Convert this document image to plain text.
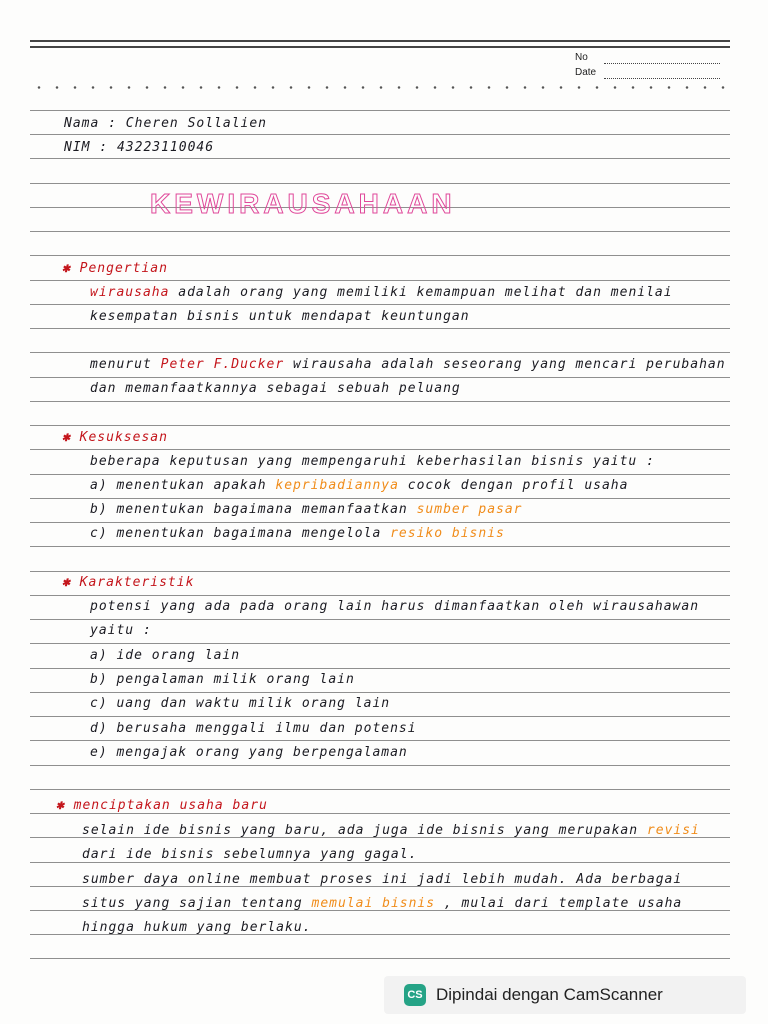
No
Date
Nama : Cheren Sollalien
NIM : 43223110046
KEWIRAUSAHAAN
✱ Pengertian
wirausaha adalah orang yang memiliki kemampuan melihat dan menilai
kesempatan bisnis untuk mendapat keuntungan
menurut Peter F.Ducker wirausaha adalah seseorang yang mencari perubahan
dan memanfaatkannya sebagai sebuah peluang
✱ Kesuksesan
beberapa keputusan yang mempengaruhi keberhasilan bisnis yaitu :
a) menentukan apakah kepribadiannya cocok dengan profil usaha
b) menentukan bagaimana memanfaatkan sumber pasar
c) menentukan bagaimana mengelola resiko bisnis
✱ Karakteristik
potensi yang ada pada orang lain harus dimanfaatkan oleh wirausahawan
yaitu :
a) ide orang lain
b) pengalaman milik orang lain
c) uang dan waktu milik orang lain
d) berusaha menggali ilmu dan potensi
e) mengajak orang yang berpengalaman
✱ menciptakan usaha baru
selain ide bisnis yang baru, ada juga ide bisnis yang merupakan revisi
dari ide bisnis sebelumnya yang gagal.
sumber daya online membuat proses ini jadi lebih mudah. Ada berbagai
situs yang sajian tentang memulai bisnis , mulai dari template usaha
hingga hukum yang berlaku.
CS Dipindai dengan CamScanner
